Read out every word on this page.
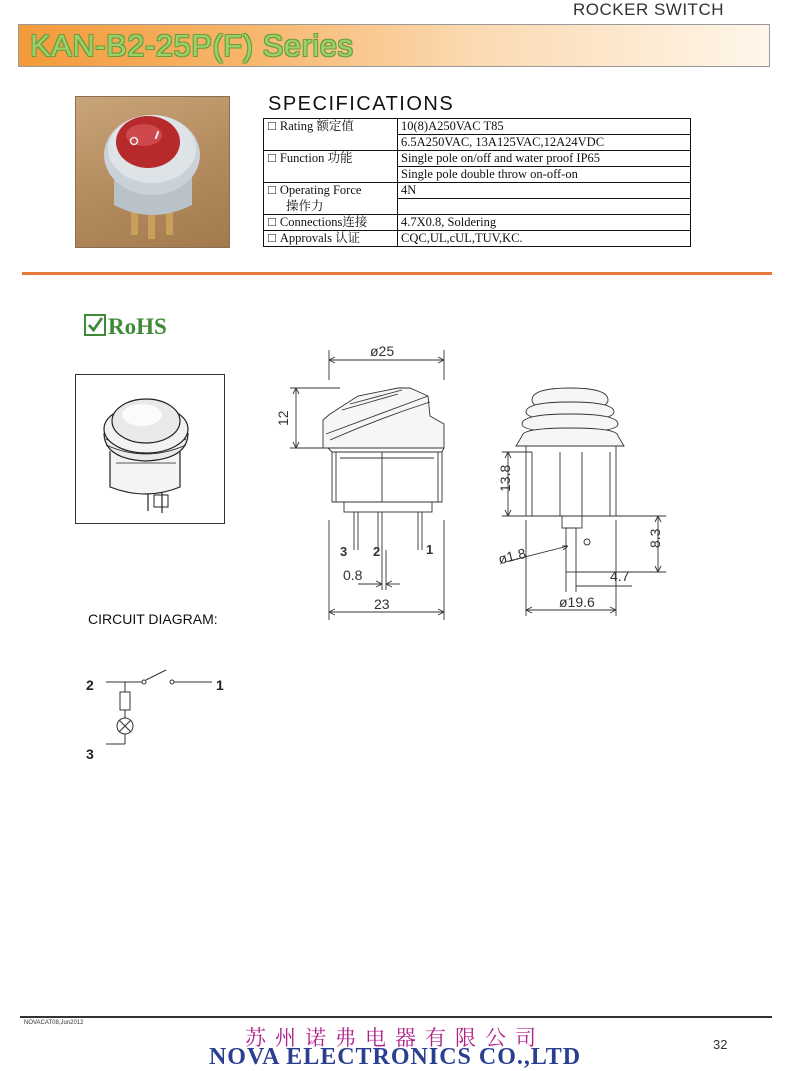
ROCKER SWITCH
KAN-B2-25P(F) Series
SPECIFICATIONS
☐ Rating 额定值	10(8)A250VAC T85
	6.5A250VAC, 13A125VAC,12A24VDC
☐ Function 功能	Single pole on/off and water proof IP65
	Single pole double throw on-off-on
☐ Operating Force	4N
操作力	
☐ Connections连接	4.7X0.8, Soldering
☐ Approvals 认证	CQC,UL,cUL,TUV,KC.
RoHS
ø25
12
3 2	1
0.8
23
13.8
8.3
ø1.8
4.7
ø19.6
CIRCUIT DIAGRAM:
2	1
3
NOVACAT08,Jun2012
苏州诺弗电器有限公司
NOVA ELECTRONICS CO.,LTD	32
